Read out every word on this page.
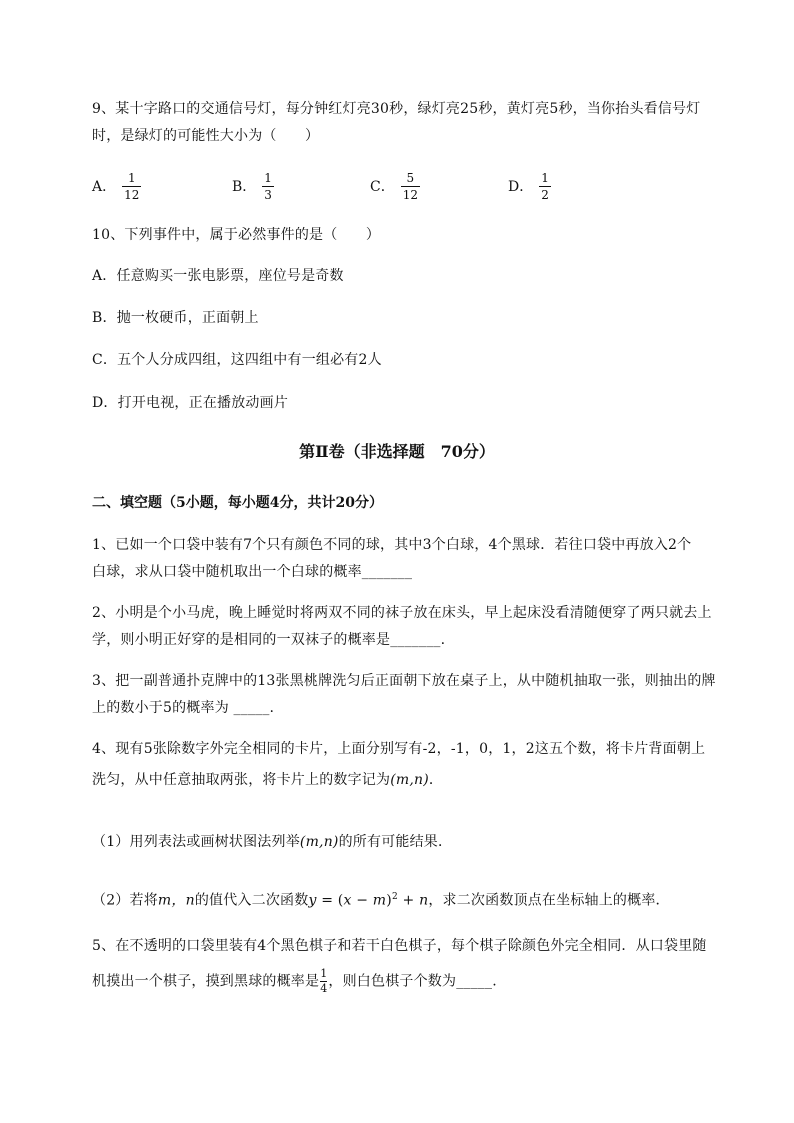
9、某十字路口的交通信号灯，每分钟红灯亮30秒，绿灯亮25秒，黄灯亮5秒，当你抬头看信号灯
时，是绿灯的可能性大小为（　　）
A． $\frac{1}{12}$	B． $\frac{1}{3}$	C． $\frac{5}{12}$	D． $\frac{1}{2}$
10、下列事件中，属于必然事件的是（　　）
A．任意购买一张电影票，座位号是奇数
B．抛一枚硬币，正面朝上
C．五个人分成四组，这四组中有一组必有2人
D．打开电视，正在播放动画片
第Ⅱ卷（非选择题　70分）
二、填空题（5小题，每小题4分，共计20分）
1、已如一个口袋中装有7个只有颜色不同的球，其中3个白球，4个黑球．若往口袋中再放入2个
白球，求从口袋中随机取出一个白球的概率_______
2、小明是个小马虎，晚上睡觉时将两双不同的袜子放在床头，早上起床没看清随便穿了两只就去上
学，则小明正好穿的是相同的一双袜子的概率是_______.
3、把一副普通扑克牌中的13张黑桃牌洗匀后正面朝下放在桌子上，从中随机抽取一张，则抽出的牌
上的数小于5的概率为 _____.
4、现有5张除数字外完全相同的卡片，上面分别写有-2，-1，0，1，2这五个数，将卡片背面朝上
洗匀，从中任意抽取两张，将卡片上的数字记为(m,n)．
（1）用列表法或画树状图法列举(m,n)的所有可能结果．
（2）若将m，n的值代入二次函数$y = (x - m)^2 + n$，求二次函数顶点在坐标轴上的概率．
5、在不透明的口袋里装有4个黑色棋子和若干白色棋子，每个棋子除颜色外完全相同．从口袋里随
机摸出一个棋子，摸到黑球的概率是 $\frac{1}{4}$ ，则白色棋子个数为_____.
